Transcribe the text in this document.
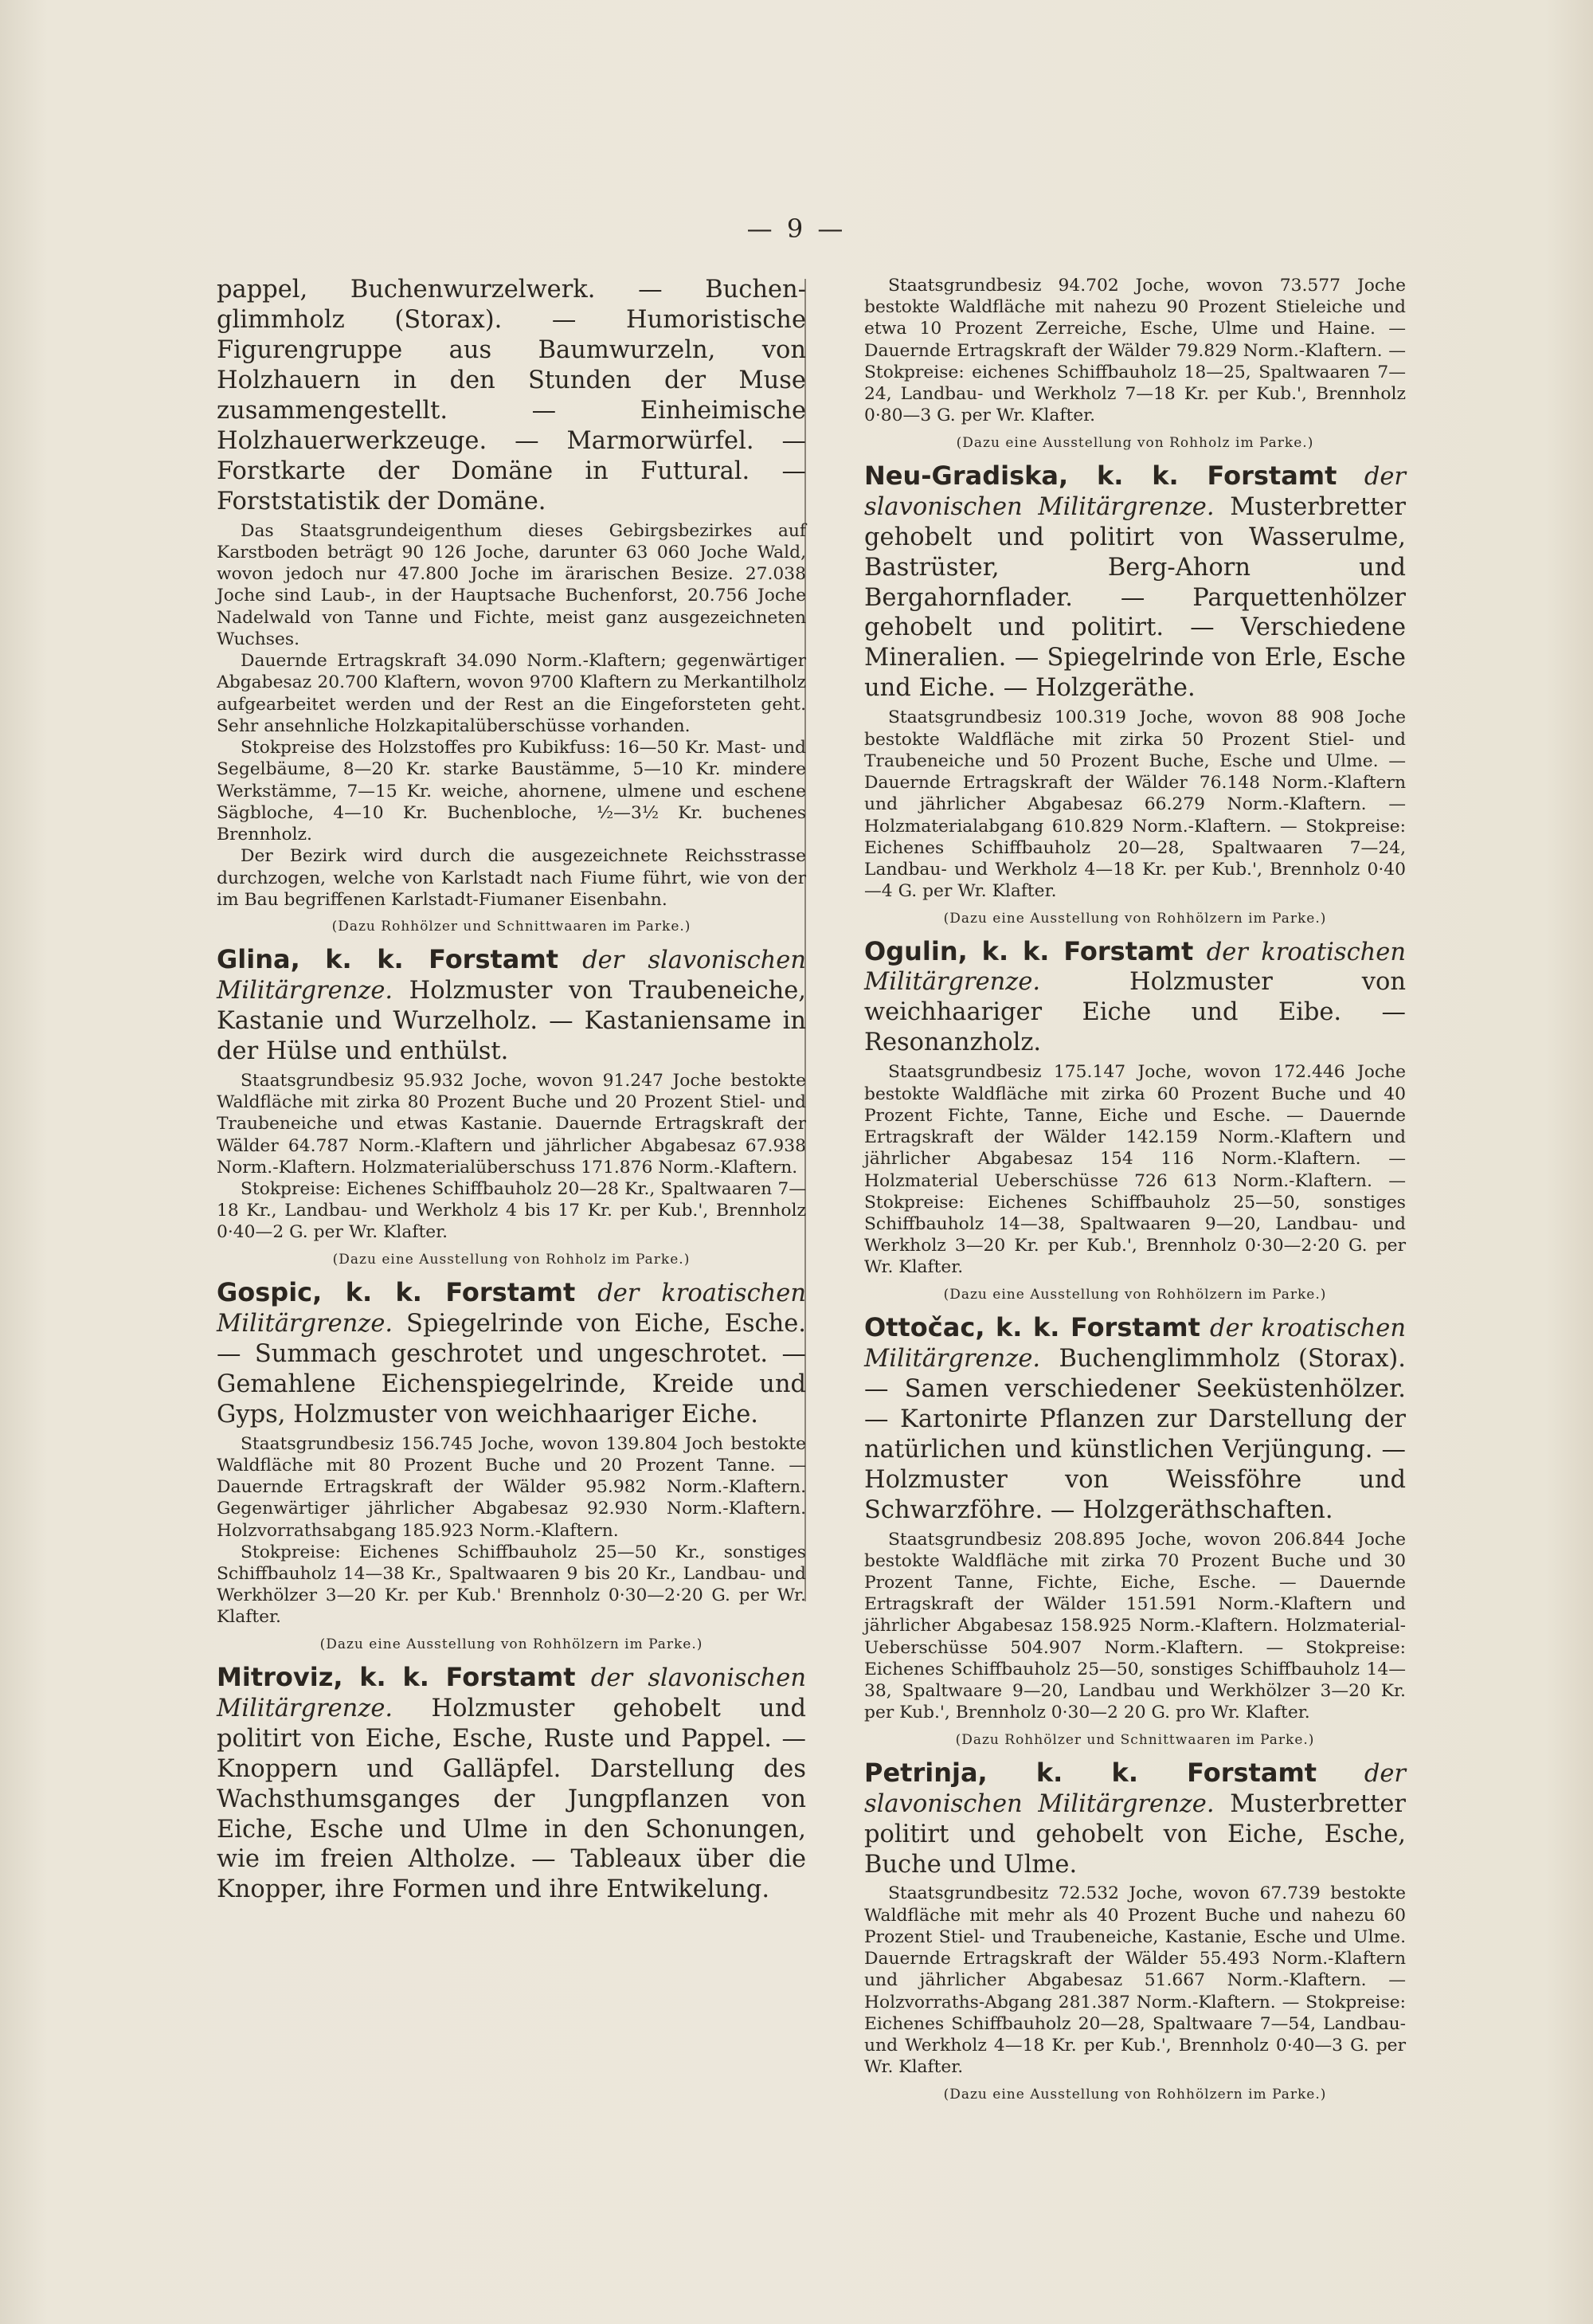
— 9 —

pappel, Buchenwurzelwerk. — Buchen-glimmholz (Storax). — Humoristische Figurengruppe aus Baumwurzeln, von Holzhauern in den Stunden der Muse zusammengestellt. — Einheimische Holzhauerwerkzeuge. — Marmorwürfel. — Forstkarte der Domäne in Futtural. — Forststatistik der Domäne.

Das Staatsgrundeigenthum dieses Gebirgsbezirkes auf Karstboden beträgt 90 126 Joche, darunter 63 060 Joche Wald, wovon jedoch nur 47.800 Joche im ärarischen Besize. 27.038 Joche sind Laub-, in der Hauptsache Buchenforst, 20.756 Joche Nadelwald von Tanne und Fichte, meist ganz ausgezeichneten Wuchses.

Dauernde Ertragskraft 34.090 Norm.-Klaftern; gegenwärtiger Abgabesaz 20.700 Klaftern, wovon 9700 Klaftern zu Merkantilholz aufgearbeitet werden und der Rest an die Eingeforsteten geht. Sehr ansehnliche Holzkapitalüberschüsse vorhanden.

Stokpreise des Holzstoffes pro Kubikfuss: 16—50 Kr. Mast- und Segelbäume, 8—20 Kr. starke Baustämme, 5—10 Kr. mindere Werkstämme, 7—15 Kr. weiche, ahornene, ulmene und eschene Sägbloche, 4—10 Kr. Buchenbloche, ½—3½ Kr. buchenes Brennholz.

Der Bezirk wird durch die ausgezeichnete Reichsstrasse durchzogen, welche von Karlstadt nach Fiume führt, wie von der im Bau begriffenen Karlstadt-Fiumaner Eisenbahn.

(Dazu Rohhölzer und Schnittwaaren im Parke.)

Glina, k. k. Forstamt der slavonischen Militärgrenze. Holzmuster von Traubeneiche, Kastanie und Wurzelholz. — Kastaniensame in der Hülse und enthülst.

Staatsgrundbesiz 95.932 Joche, wovon 91.247 Joche bestokte Waldfläche mit zirka 80 Prozent Buche und 20 Prozent Stiel- und Traubeneiche und etwas Kastanie. Dauernde Ertragskraft der Wälder 64.787 Norm.-Klaftern und jährlicher Abgabesaz 67.938 Norm.-Klaftern. Holzmaterialüberschuss 171.876 Norm.-Klaftern.

Stokpreise: Eichenes Schiffbauholz 20—28 Kr., Spaltwaaren 7—18 Kr., Landbau- und Werkholz 4 bis 17 Kr. per Kub.', Brennholz 0·40—2 G. per Wr. Klafter.

(Dazu eine Ausstellung von Rohholz im Parke.)

Gospic, k. k. Forstamt der kroatischen Militärgrenze. Spiegelrinde von Eiche, Esche. — Summach geschrotet und ungeschrotet. — Gemahlene Eichenspiegelrinde, Kreide und Gyps, Holzmuster von weichhaariger Eiche.

Staatsgrundbesiz 156.745 Joche, wovon 139.804 Joch bestokte Waldfläche mit 80 Prozent Buche und 20 Prozent Tanne. — Dauernde Ertragskraft der Wälder 95.982 Norm.-Klaftern. Gegenwärtiger jährlicher Abgabesaz 92.930 Norm.-Klaftern. Holzvorrathsabgang 185.923 Norm.-Klaftern.

Stokpreise: Eichenes Schiffbauholz 25—50 Kr., sonstiges Schiffbauholz 14—38 Kr., Spaltwaaren 9 bis 20 Kr., Landbau- und Werkhölzer 3—20 Kr. per Kub.' Brennholz 0·30—2·20 G. per Wr. Klafter.

(Dazu eine Ausstellung von Rohhölzern im Parke.)

Mitroviz, k. k. Forstamt der slavonischen Militärgrenze. Holzmuster gehobelt und politirt von Eiche, Esche, Ruste und Pappel. — Knoppern und Galläpfel. Darstellung des Wachsthumsganges der Jungpflanzen von Eiche, Esche und Ulme in den Schonungen, wie im freien Altholze. — Tableaux über die Knopper, ihre Formen und ihre Entwikelung.

Staatsgrundbesiz 94.702 Joche, wovon 73.577 Joche bestokte Waldfläche mit nahezu 90 Prozent Stieleiche und etwa 10 Prozent Zerreiche, Esche, Ulme und Haine. — Dauernde Ertragskraft der Wälder 79.829 Norm.-Klaftern. — Stokpreise: eichenes Schiffbauholz 18—25, Spaltwaaren 7—24, Landbau- und Werkholz 7—18 Kr. per Kub.', Brennholz 0·80—3 G. per Wr. Klafter.

(Dazu eine Ausstellung von Rohholz im Parke.)

Neu-Gradiska, k. k. Forstamt der slavonischen Militärgrenze. Musterbretter gehobelt und politirt von Wasserulme, Bastrüster, Berg-Ahorn und Bergahornflader. — Parquettenhölzer gehobelt und politirt. — Verschiedene Mineralien. — Spiegelrinde von Erle, Esche und Eiche. — Holzgeräthe.

Staatsgrundbesiz 100.319 Joche, wovon 88 908 Joche bestokte Waldfläche mit zirka 50 Prozent Stiel- und Traubeneiche und 50 Prozent Buche, Esche und Ulme. — Dauernde Ertragskraft der Wälder 76.148 Norm.-Klaftern und jährlicher Abgabesaz 66.279 Norm.-Klaftern. — Holzmaterialabgang 610.829 Norm.-Klaftern. — Stokpreise: Eichenes Schiffbauholz 20—28, Spaltwaaren 7—24, Landbau- und Werkholz 4—18 Kr. per Kub.', Brennholz 0·40—4 G. per Wr. Klafter.

(Dazu eine Ausstellung von Rohhölzern im Parke.)

Ogulin, k. k. Forstamt der kroatischen Militärgrenze.	Holzmuster von weichhaariger Eiche und Eibe. — Resonanzholz.

Staatsgrundbesiz 175.147 Joche, wovon 172.446 Joche bestokte Waldfläche mit zirka 60 Prozent Buche und 40 Prozent Fichte, Tanne, Eiche und Esche. — Dauernde Ertragskraft der Wälder 142.159 Norm.-Klaftern und jährlicher Abgabesaz 154 116 Norm.-Klaftern. — Holzmaterial Ueberschüsse 726 613 Norm.-Klaftern. — Stokpreise: Eichenes Schiffbauholz 25—50, sonstiges Schiffbauholz 14—38, Spaltwaaren 9—20, Landbau- und Werkholz 3—20 Kr. per Kub.', Brennholz 0·30—2·20 G. per Wr. Klafter.

(Dazu eine Ausstellung von Rohhölzern im Parke.)

Ottočac, k. k. Forstamt der kroatischen Militärgrenze. Buchenglimmholz (Storax). — Samen verschiedener Seeküstenhölzer. — Kartonirte Pflanzen zur Darstellung der natürlichen und künstlichen Verjüngung. — Holzmuster von Weissföhre und Schwarzföhre. — Holzgeräthschaften.

Staatsgrundbesiz 208.895 Joche, wovon 206.844 Joche bestokte Waldfläche mit zirka 70 Prozent Buche und 30 Prozent Tanne, Fichte, Eiche, Esche. — Dauernde Ertragskraft der Wälder 151.591 Norm.-Klaftern und jährlicher Abgabesaz 158.925 Norm.-Klaftern. Holzmaterial-Ueberschüsse 504.907 Norm.-Klaftern. — Stokpreise: Eichenes Schiffbauholz 25—50, sonstiges Schiffbauholz 14—38, Spaltwaare 9—20, Landbau und Werkhölzer 3—20 Kr. per Kub.', Brennholz 0·30—2 20 G. pro Wr. Klafter.

(Dazu Rohhölzer und Schnittwaaren im Parke.)

Petrinja, k. k. Forstamt der slavonischen Militärgrenze. Musterbretter politirt und gehobelt von Eiche, Esche, Buche und Ulme.

Staatsgrundbesitz 72.532 Joche, wovon 67.739 bestokte Waldfläche mit mehr als 40 Prozent Buche und nahezu 60 Prozent Stiel- und Traubeneiche, Kastanie, Esche und Ulme. Dauernde Ertragskraft der Wälder 55.493 Norm.-Klaftern und jährlicher Abgabesaz 51.667 Norm.-Klaftern. — Holzvorraths-Abgang 281.387 Norm.-Klaftern. — Stokpreise: Eichenes Schiffbauholz 20—28, Spaltwaare 7—54, Landbau- und Werkholz 4—18 Kr. per Kub.', Brennholz 0·40—3 G. per Wr. Klafter.

(Dazu eine Ausstellung von Rohhölzern im Parke.)
